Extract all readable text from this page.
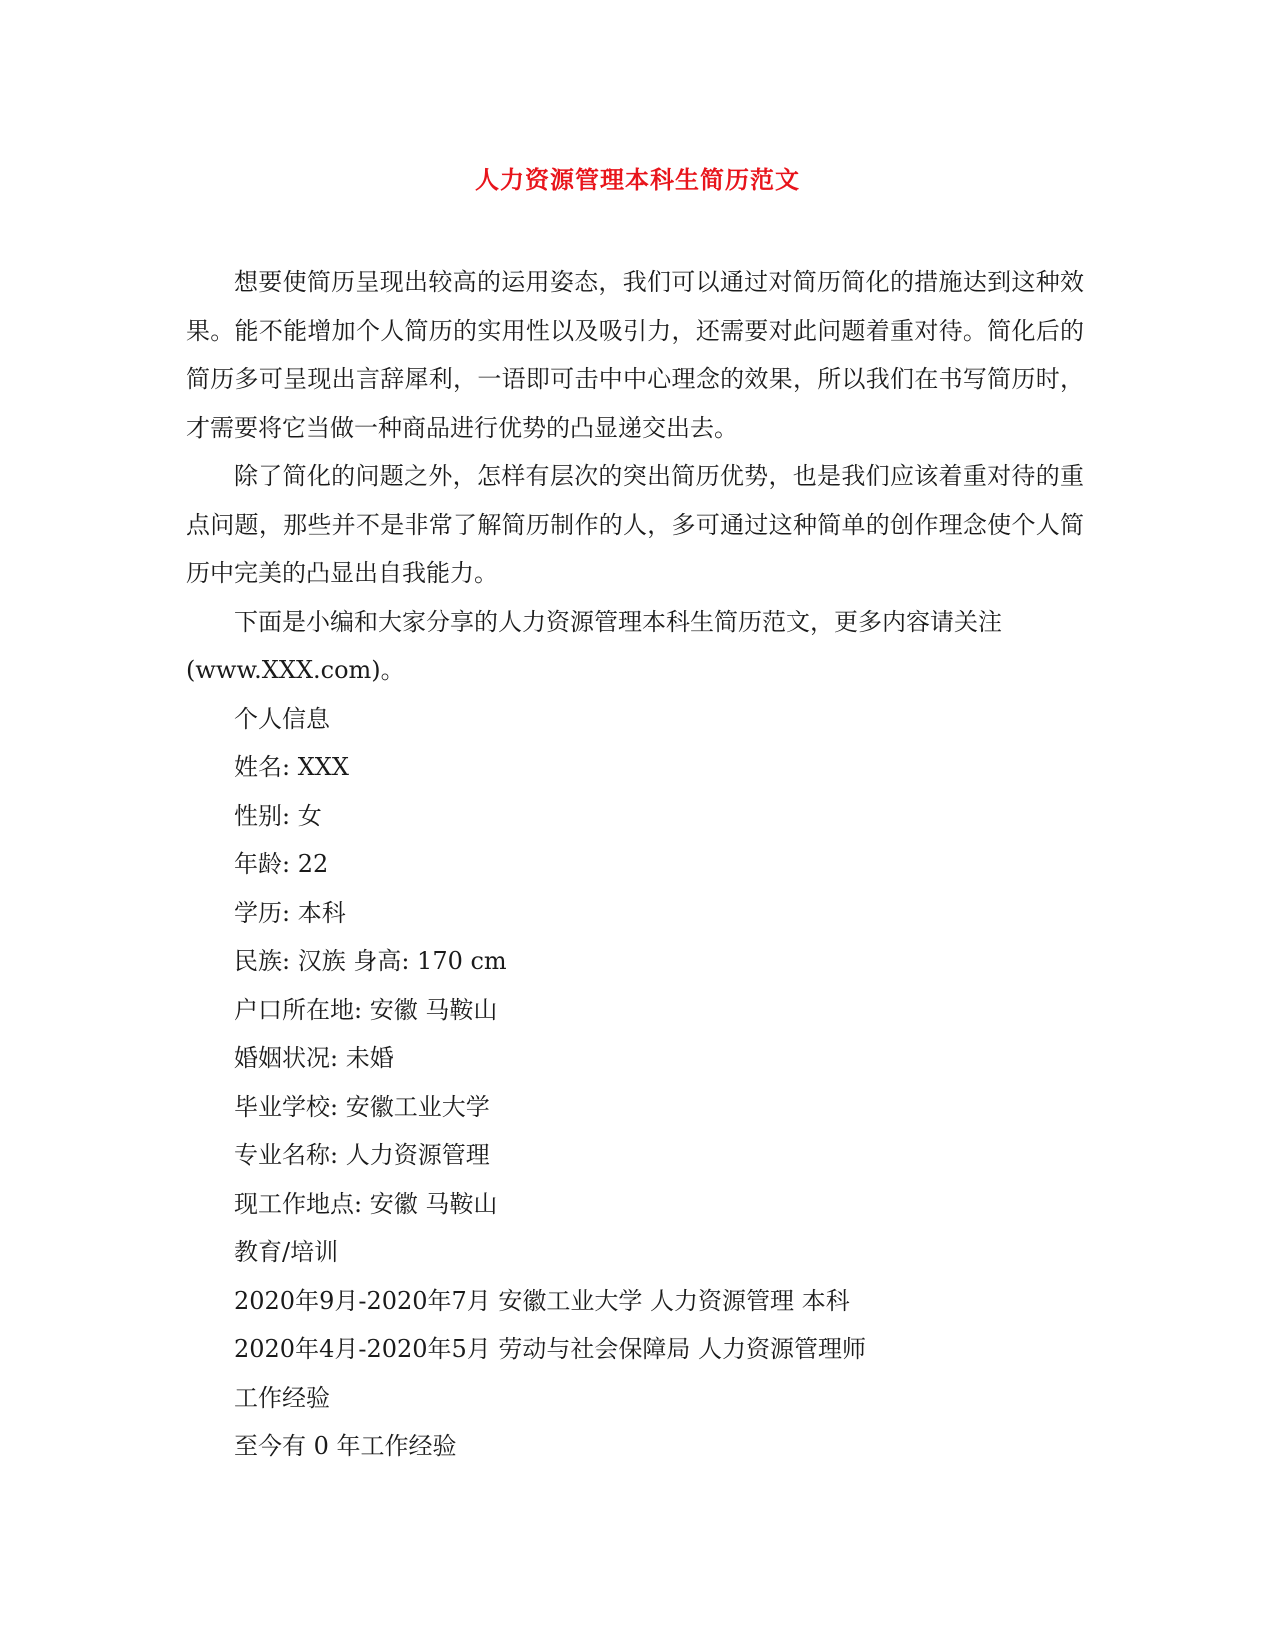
人力资源管理本科生简历范文

想要使简历呈现出较高的运用姿态，我们可以通过对简历简化的措施达到这种效果。能不能增加个人简历的实用性以及吸引力，还需要对此问题着重对待。简化后的简历多可呈现出言辞犀利，一语即可击中中心理念的效果，所以我们在书写简历时，才需要将它当做一种商品进行优势的凸显递交出去。

除了简化的问题之外，怎样有层次的突出简历优势，也是我们应该着重对待的重点问题，那些并不是非常了解简历制作的人，多可通过这种简单的创作理念使个人简历中完美的凸显出自我能力。

下面是小编和大家分享的人力资源管理本科生简历范文，更多内容请关注

(www.XXX.com)。

个人信息

姓名: XXX

性别: 女

年龄: 22

学历: 本科

民族: 汉族 身高: 170 cm

户口所在地: 安徽 马鞍山

婚姻状况: 未婚

毕业学校: 安徽工业大学

专业名称: 人力资源管理

现工作地点: 安徽 马鞍山

教育/培训

2020年9月-2020年7月 安徽工业大学 人力资源管理 本科

2020年4月-2020年5月 劳动与社会保障局 人力资源管理师

工作经验

至今有 0 年工作经验
